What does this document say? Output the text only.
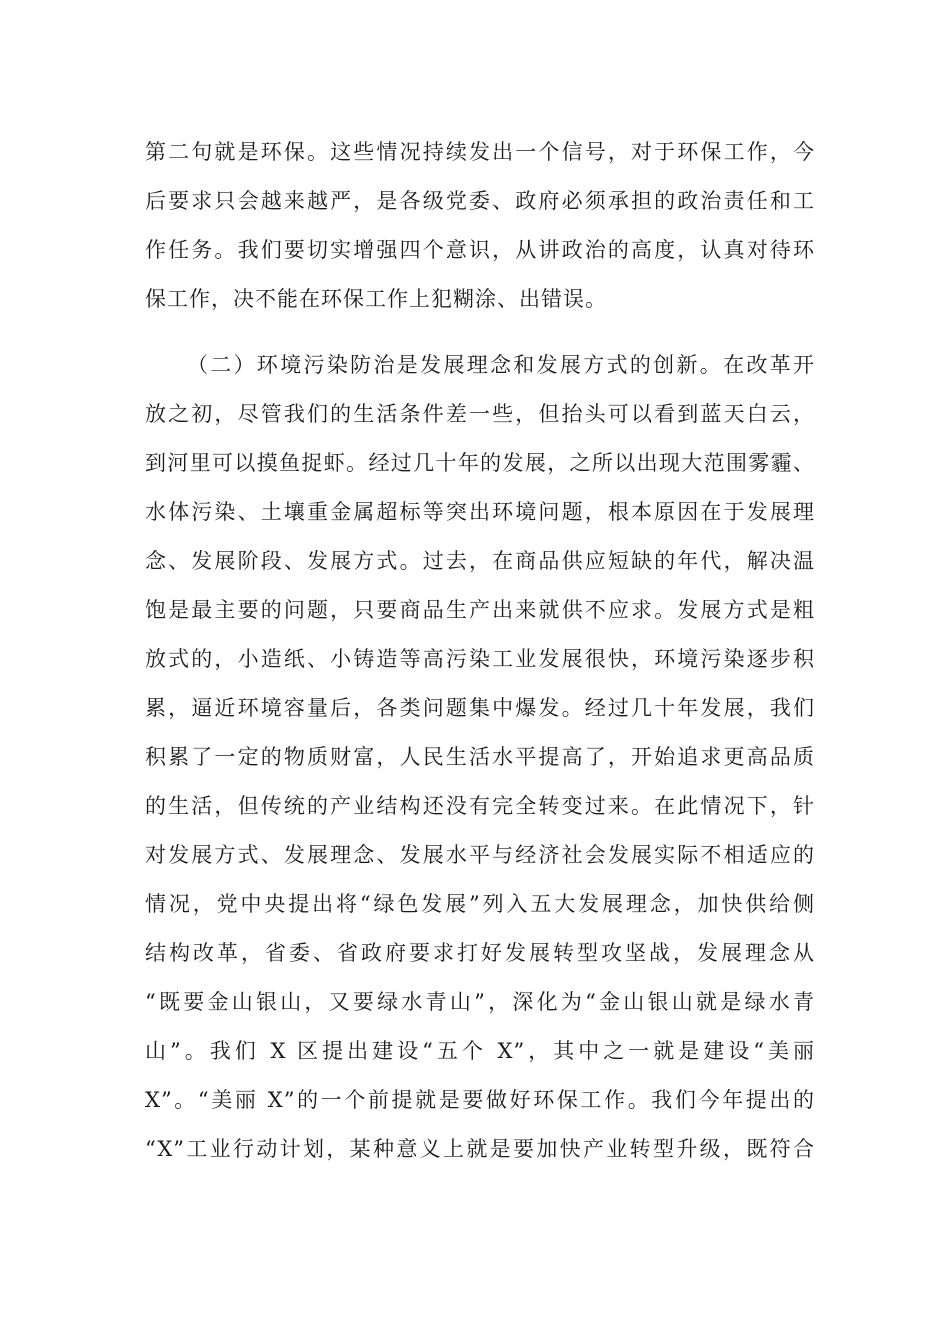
第二句就是环保。这些情况持续发出一个信号，对于环保工作，今
后要求只会越来越严，是各级党委、政府必须承担的政治责任和工
作任务。我们要切实增强四个意识，从讲政治的高度，认真对待环
保工作，决不能在环保工作上犯糊涂、出错误。
（二）环境污染防治是发展理念和发展方式的创新。在改革开
放之初，尽管我们的生活条件差一些，但抬头可以看到蓝天白云，
到河里可以摸鱼捉虾。经过几十年的发展，之所以出现大范围雾霾、
水体污染、土壤重金属超标等突出环境问题，根本原因在于发展理
念、发展阶段、发展方式。过去，在商品供应短缺的年代，解决温
饱是最主要的问题，只要商品生产出来就供不应求。发展方式是粗
放式的，小造纸、小铸造等高污染工业发展很快，环境污染逐步积
累，逼近环境容量后，各类问题集中爆发。经过几十年发展，我们
积累了一定的物质财富，人民生活水平提高了，开始追求更高品质
的生活，但传统的产业结构还没有完全转变过来。在此情况下，针
对发展方式、发展理念、发展水平与经济社会发展实际不相适应的
情况，党中央提出将“绿色发展”列入五大发展理念，加快供给侧
结构改革，省委、省政府要求打好发展转型攻坚战，发展理念从
“既要金山银山，又要绿水青山”，深化为“金山银山就是绿水青
山”。我们 X 区提出建设“五个 X”，其中之一就是建设“美丽
X”。“美丽 X”的一个前提就是要做好环保工作。我们今年提出的
“X”工业行动计划，某种意义上就是要加快产业转型升级，既符合
